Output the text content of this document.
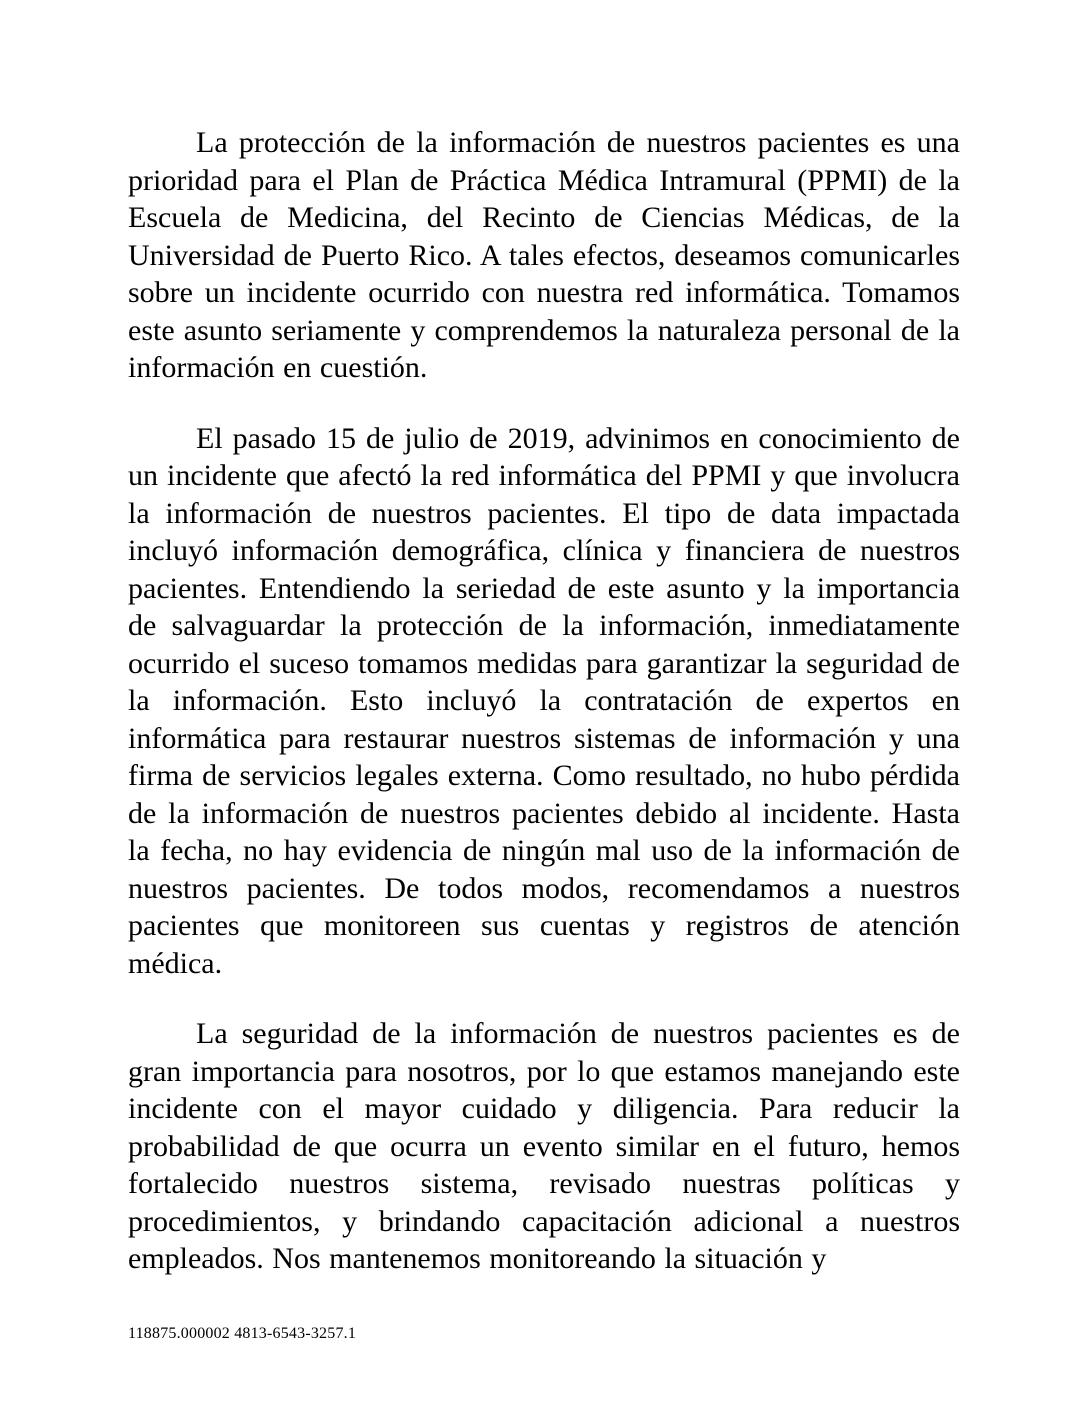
La protección de la información de nuestros pacientes es una prioridad para el Plan de Práctica Médica Intramural (PPMI) de la Escuela de Medicina, del Recinto de Ciencias Médicas, de la Universidad de Puerto Rico. A tales efectos, deseamos comunicarles sobre un incidente ocurrido con nuestra red informática. Tomamos este asunto seriamente y comprendemos la naturaleza personal de la información en cuestión.

El pasado 15 de julio de 2019, advinimos en conocimiento de un incidente que afectó la red informática del PPMI y que involucra la información de nuestros pacientes. El tipo de data impactada incluyó información demográfica, clínica y financiera de nuestros pacientes. Entendiendo la seriedad de este asunto y la importancia de salvaguardar la protección de la información, inmediatamente ocurrido el suceso tomamos medidas para garantizar la seguridad de la información. Esto incluyó la contratación de expertos en informática para restaurar nuestros sistemas de información y una firma de servicios legales externa. Como resultado, no hubo pérdida de la información de nuestros pacientes debido al incidente. Hasta la fecha, no hay evidencia de ningún mal uso de la información de nuestros pacientes. De todos modos, recomendamos a nuestros pacientes que monitoreen sus cuentas y registros de atención médica.

La seguridad de la información de nuestros pacientes es de gran importancia para nosotros, por lo que estamos manejando este incidente con el mayor cuidado y diligencia. Para reducir la probabilidad de que ocurra un evento similar en el futuro, hemos fortalecido nuestros sistema, revisado nuestras políticas y procedimientos, y brindando capacitación adicional a nuestros empleados. Nos mantenemos monitoreando la situación y

118875.000002 4813-6543-3257.1
